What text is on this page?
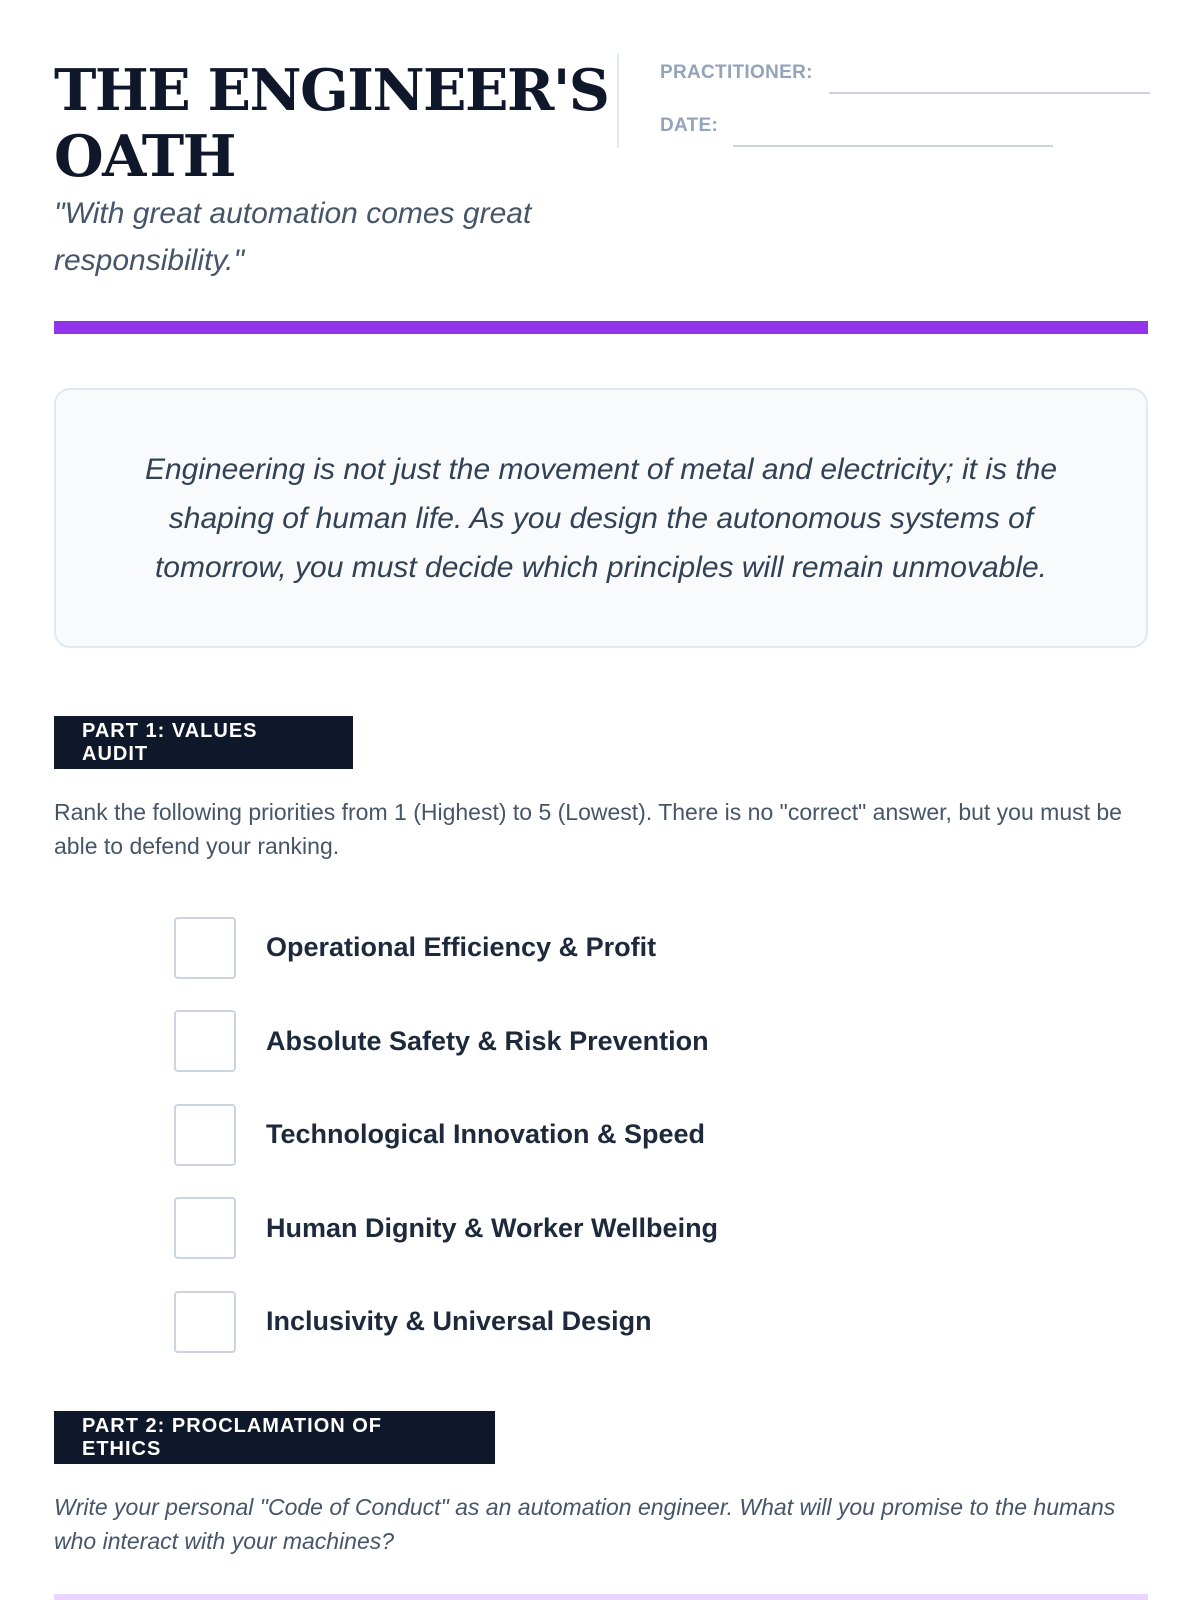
THE ENGINEER'S OATH
"With great automation comes great responsibility."
PRACTITIONER:
DATE:
Engineering is not just the movement of metal and electricity; it is the shaping of human life. As you design the autonomous systems of tomorrow, you must decide which principles will remain unmovable.
PART 1: VALUES AUDIT
Rank the following priorities from 1 (Highest) to 5 (Lowest). There is no "correct" answer, but you must be able to defend your ranking.
Operational Efficiency & Profit
Absolute Safety & Risk Prevention
Technological Innovation & Speed
Human Dignity & Worker Wellbeing
Inclusivity & Universal Design
PART 2: PROCLAMATION OF ETHICS
Write your personal "Code of Conduct" as an automation engineer. What will you promise to the humans who interact with your machines?
